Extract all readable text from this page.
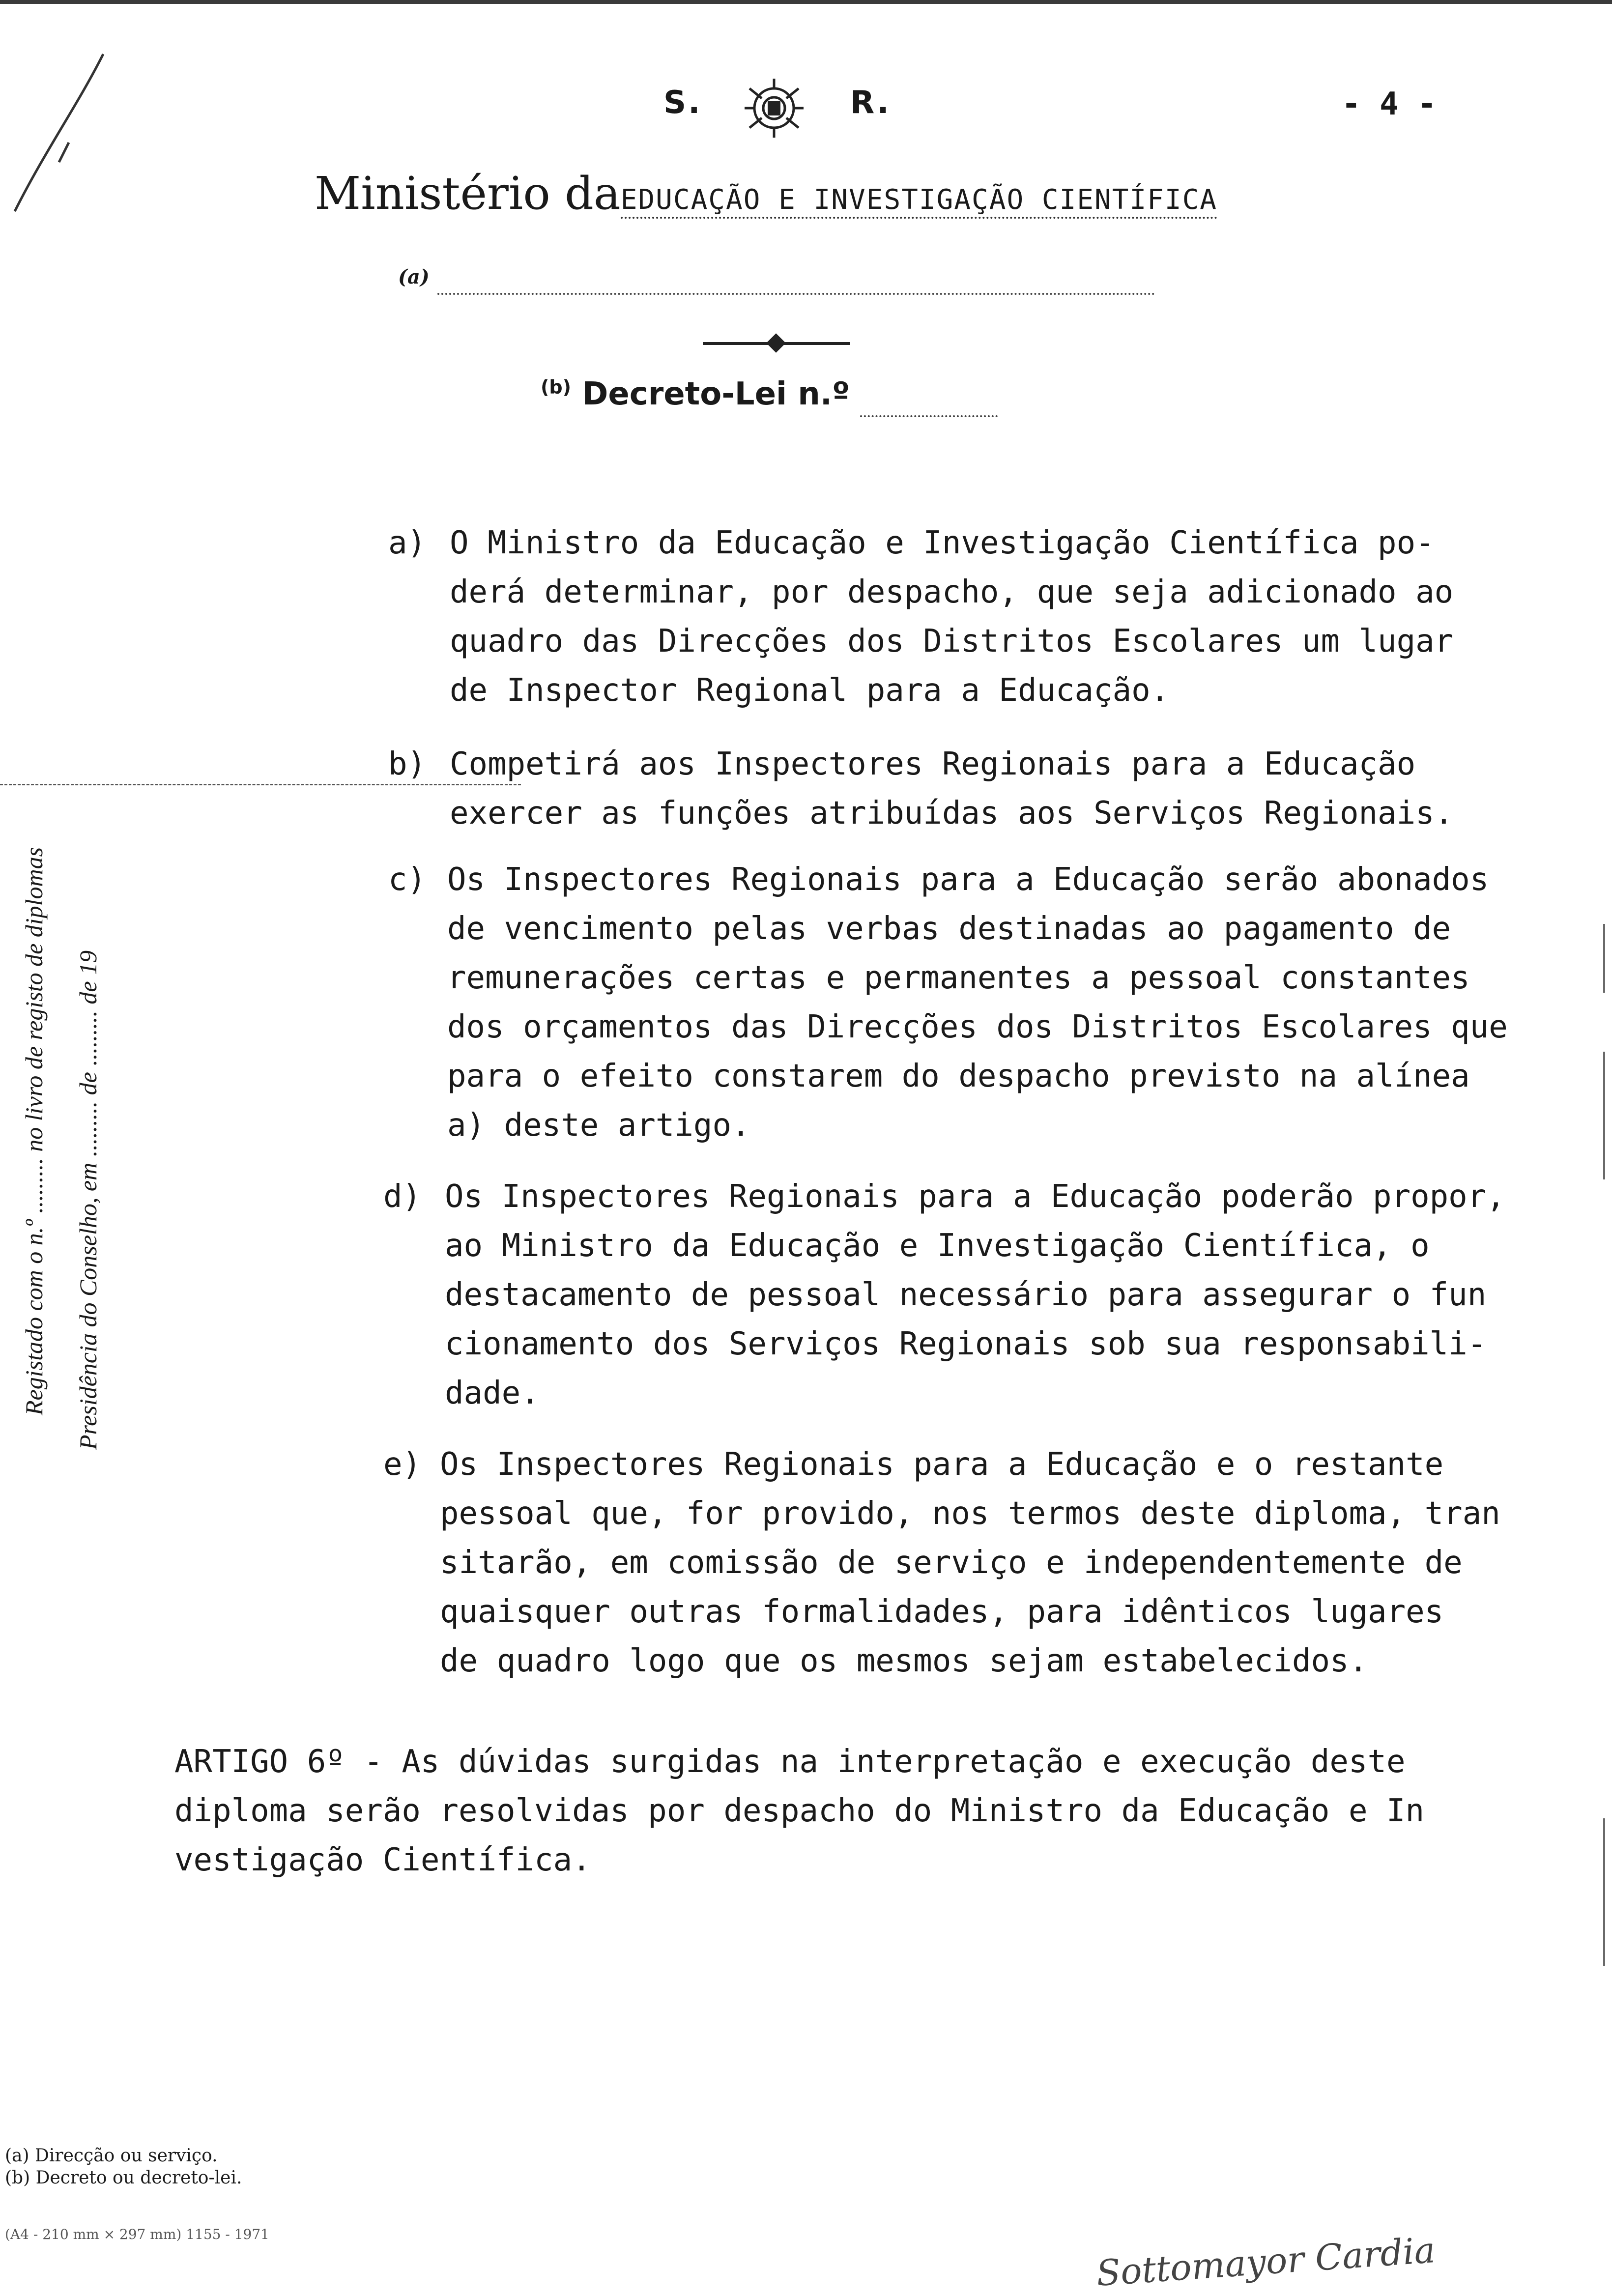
S.	R.	- 4 -
Ministério daEDUCAÇÃO E INVESTIGAÇÃO CIENTÍFICA
(a)
$^{(b)}$ Decreto-Lei n.º
Registado com o n.º ......... no livro de registo de diplomas Presidência do Conselho, em ......... de ......... de 19
a) O Ministro da Educação e Investigação Científica po-
derá determinar, por despacho, que seja adicionado ao
quadro das Direcções dos Distritos Escolares um lugar
de Inspector Regional para a Educação.
b) Competirá aos Inspectores Regionais para a Educação
exercer as funções atribuídas aos Serviços Regionais.
c) Os Inspectores Regionais para a Educação serão abonados
de vencimento pelas verbas destinadas ao pagamento de
remunerações certas e permanentes a pessoal constantes
dos orçamentos das Direcções dos Distritos Escolares que
para o efeito constarem do despacho previsto na alínea
a) deste artigo.
d) Os Inspectores Regionais para a Educação poderão propor,
ao Ministro da Educação e Investigação Científica, o
destacamento de pessoal necessário para assegurar o fun
cionamento dos Serviços Regionais sob sua responsabili-
dade.
e) Os Inspectores Regionais para a Educação e o restante
pessoal que, for provido, nos termos deste diploma, tran
sitarão, em comissão de serviço e independentemente de
quaisquer outras formalidades, para idênticos lugares
de quadro logo que os mesmos sejam estabelecidos.
ARTIGO 6º - As dúvidas surgidas na interpretação e execução deste
diploma serão resolvidas por despacho do Ministro da Educação e In
vestigação Científica.
(a) Direcção ou serviço.
(b) Decreto ou decreto-lei.
(A4 - 210 mm × 297 mm) 1155 - 1971	Sottomayor Cardia
